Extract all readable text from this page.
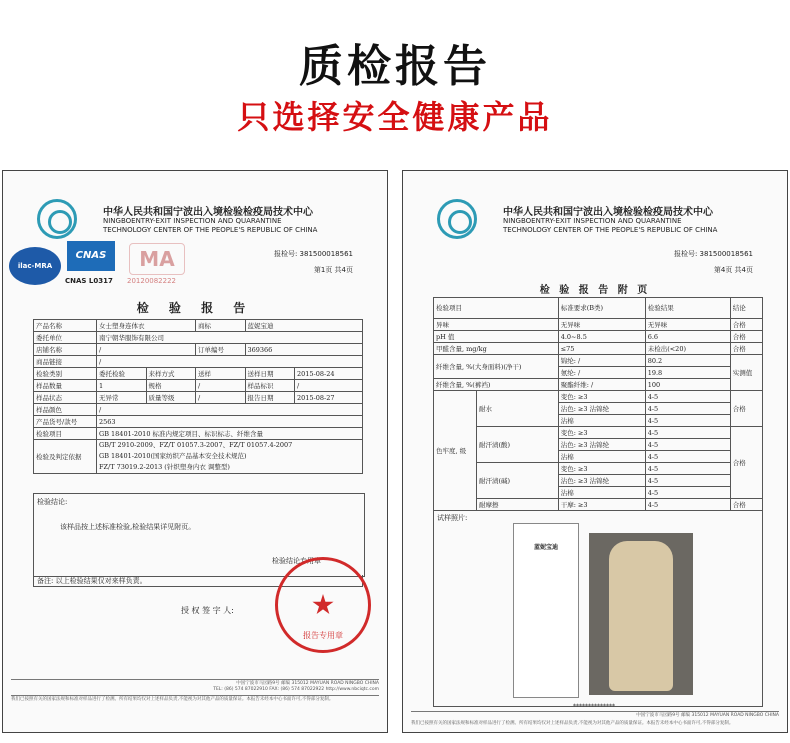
质检报告
只选择安全健康产品
中华人民共和国宁波出入境检验检疫局技术中心
NINGBOENTRY-EXIT INSPECTION AND QUARANTINE
TECHNOLOGY CENTER OF THE PEOPLE'S REPUBLIC OF CHINA
ilac-MRA
CNAS
CNAS L0317
MA
20120082222
报检号: 381500018561
第1页 共4页
检 验 报 告
产品名称	女士塑身连体衣		商标	蓝妮宝迪	
委托单位	南宁朝华服饰有限公司				
店铺名称	/		订单编号	369366	
商品链接	/				
检验类别	委托检验	来样方式	送样	送样日期	2015-08-24
样品数量	1	规格	/	样品标识	/
样品状态	无异常	质量等级	/	报告日期	2015-08-27
样品颜色	/				
产品货号/款号	2563				
检验项目	GB 18401-2010 标准内规定项目、标识标志、纤维含量				
检验及判定依据	GB/T 2910-2009、FZ/T 01057.3-2007、FZ/T 01057.4-2007
GB 18401-2010(国家纺织产品基本安全技术规范)
FZ/T 73019.2-2013 (针织塑身内衣 调整型)				
检验结论:
该样品按上述标准检验,检验结果详见附页。
检验结论专用章
备注: 以上检验结果仅对来样负责。
授 权 签 字 人:
报告专用章
中国宁波市马园路9号 邮编 315012 MAYUAN ROAD NINGBO CHINA
TEL: (86) 574 87022910 FAX: (86) 574 87022922 http://www.nbciqtc.com
我们已按照有关的国家法规和标准对样品进行了检测。所有结果均仅对上述样品负责,不能视为对其他产品的质量保证。本报告未经本中心书面许可,不得部分复制。
中华人民共和国宁波出入境检验检疫局技术中心
NINGBOENTRY-EXIT INSPECTION AND QUARANTINE
TECHNOLOGY CENTER OF THE PEOPLE'S REPUBLIC OF CHINA
报检号: 381500018561
第4页 共4页
检 验 报 告 附 页
检验项目		标准要求(B类)	检验结果	结论
异味		无异味	无异味	合格
pH 值		4.0~8.5	6.6	合格
甲醛含量, mg/kg		≤75	未检出(<20)	合格
纤维含量, %(大身面料)(净干)		锦纶: /	80.2	实测值
		氨纶: /	19.8	
纤维含量, %(裤裆)		聚酯纤维: /	100	
色牢度, 级	耐水	变色: ≥3	4-5	合格
		沾色: ≥3 沾锦纶	4-5	
		沾棉	4-5	
	耐汗渍(酸)	变色: ≥3	4-5	合格
		沾色: ≥3 沾锦纶	4-5	
		沾棉	4-5	
	耐汗渍(碱)	变色: ≥3	4-5	
		沾色: ≥3 沾锦纶	4-5	
		沾棉	4-5	
	耐摩擦	干摩: ≥3	4-5	合格
试样照片:
蓝妮宝迪
**************
中国宁波市马园路9号 邮编 315012 MAYUAN ROAD NINGBO CHINA
我们已按照有关的国家法规和标准对样品进行了检测。所有结果均仅对上述样品负责,不能视为对其他产品的质量保证。本报告未经本中心书面许可,不得部分复制。
